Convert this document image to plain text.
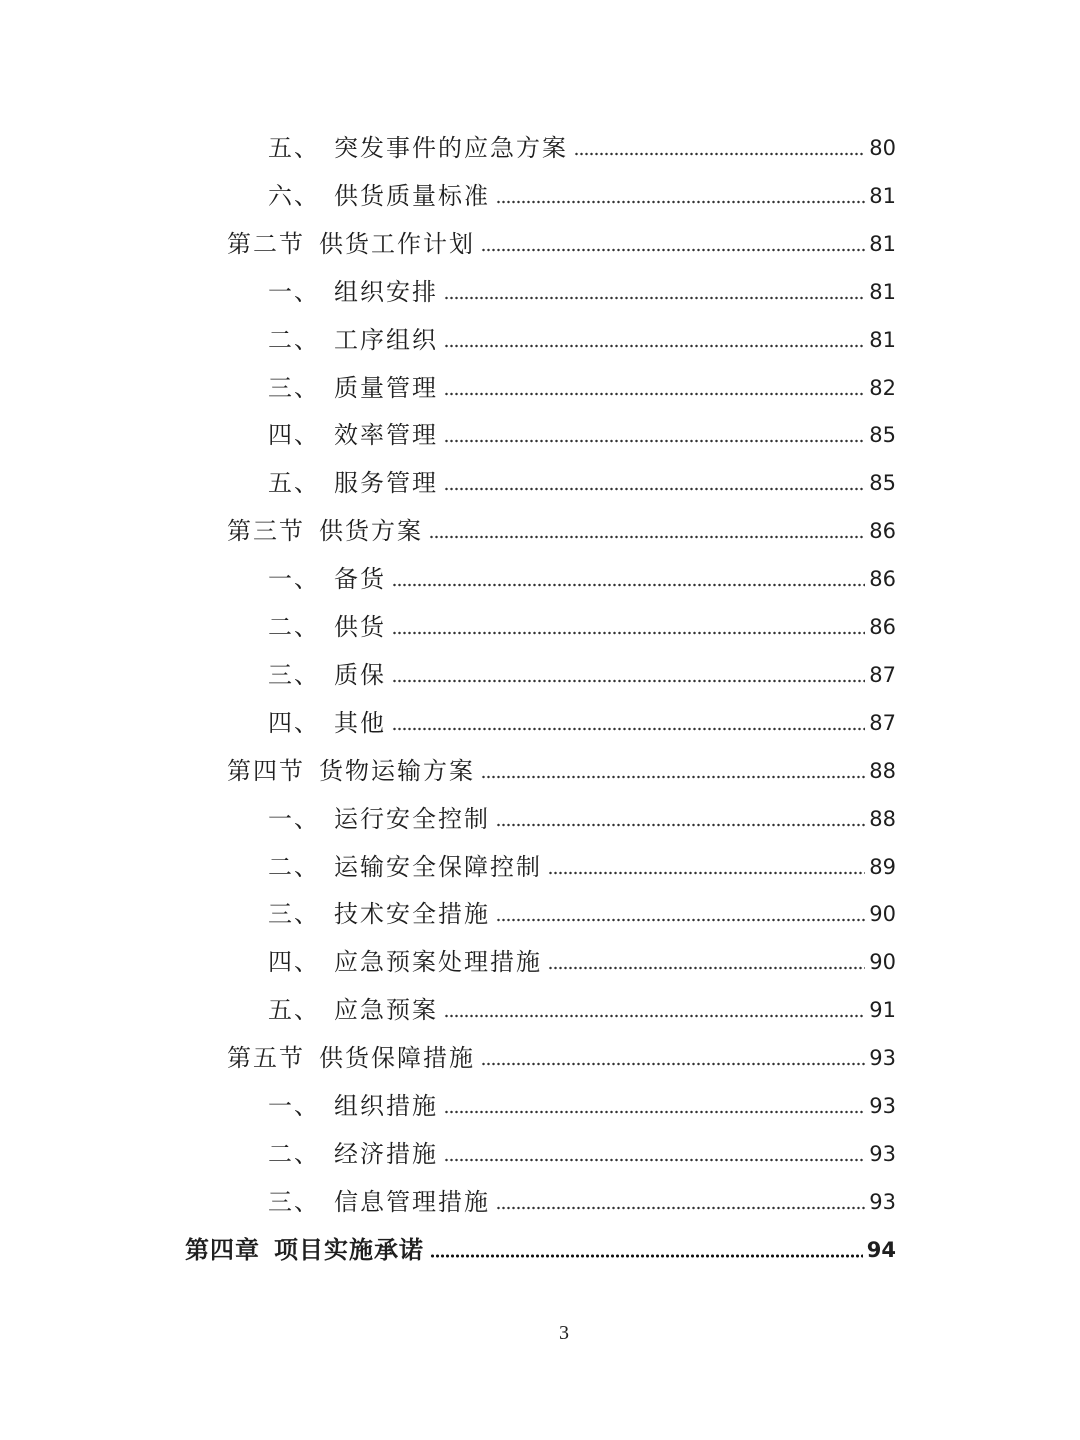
五、 突发事件的应急方案	80
六、 供货质量标准	81
第二节 供货工作计划	81
一、 组织安排	81
二、 工序组织	81
三、 质量管理	82
四、 效率管理	85
五、 服务管理	85
第三节 供货方案	86
一、 备货	86
二、 供货	86
三、 质保	87
四、 其他	87
第四节 货物运输方案	88
一、 运行安全控制	88
二、 运输安全保障控制	89
三、 技术安全措施	90
四、 应急预案处理措施	90
五、 应急预案	91
第五节 供货保障措施	93
一、 组织措施	93
二、 经济措施	93
三、 信息管理措施	93
第四章 项目实施承诺	94
3
